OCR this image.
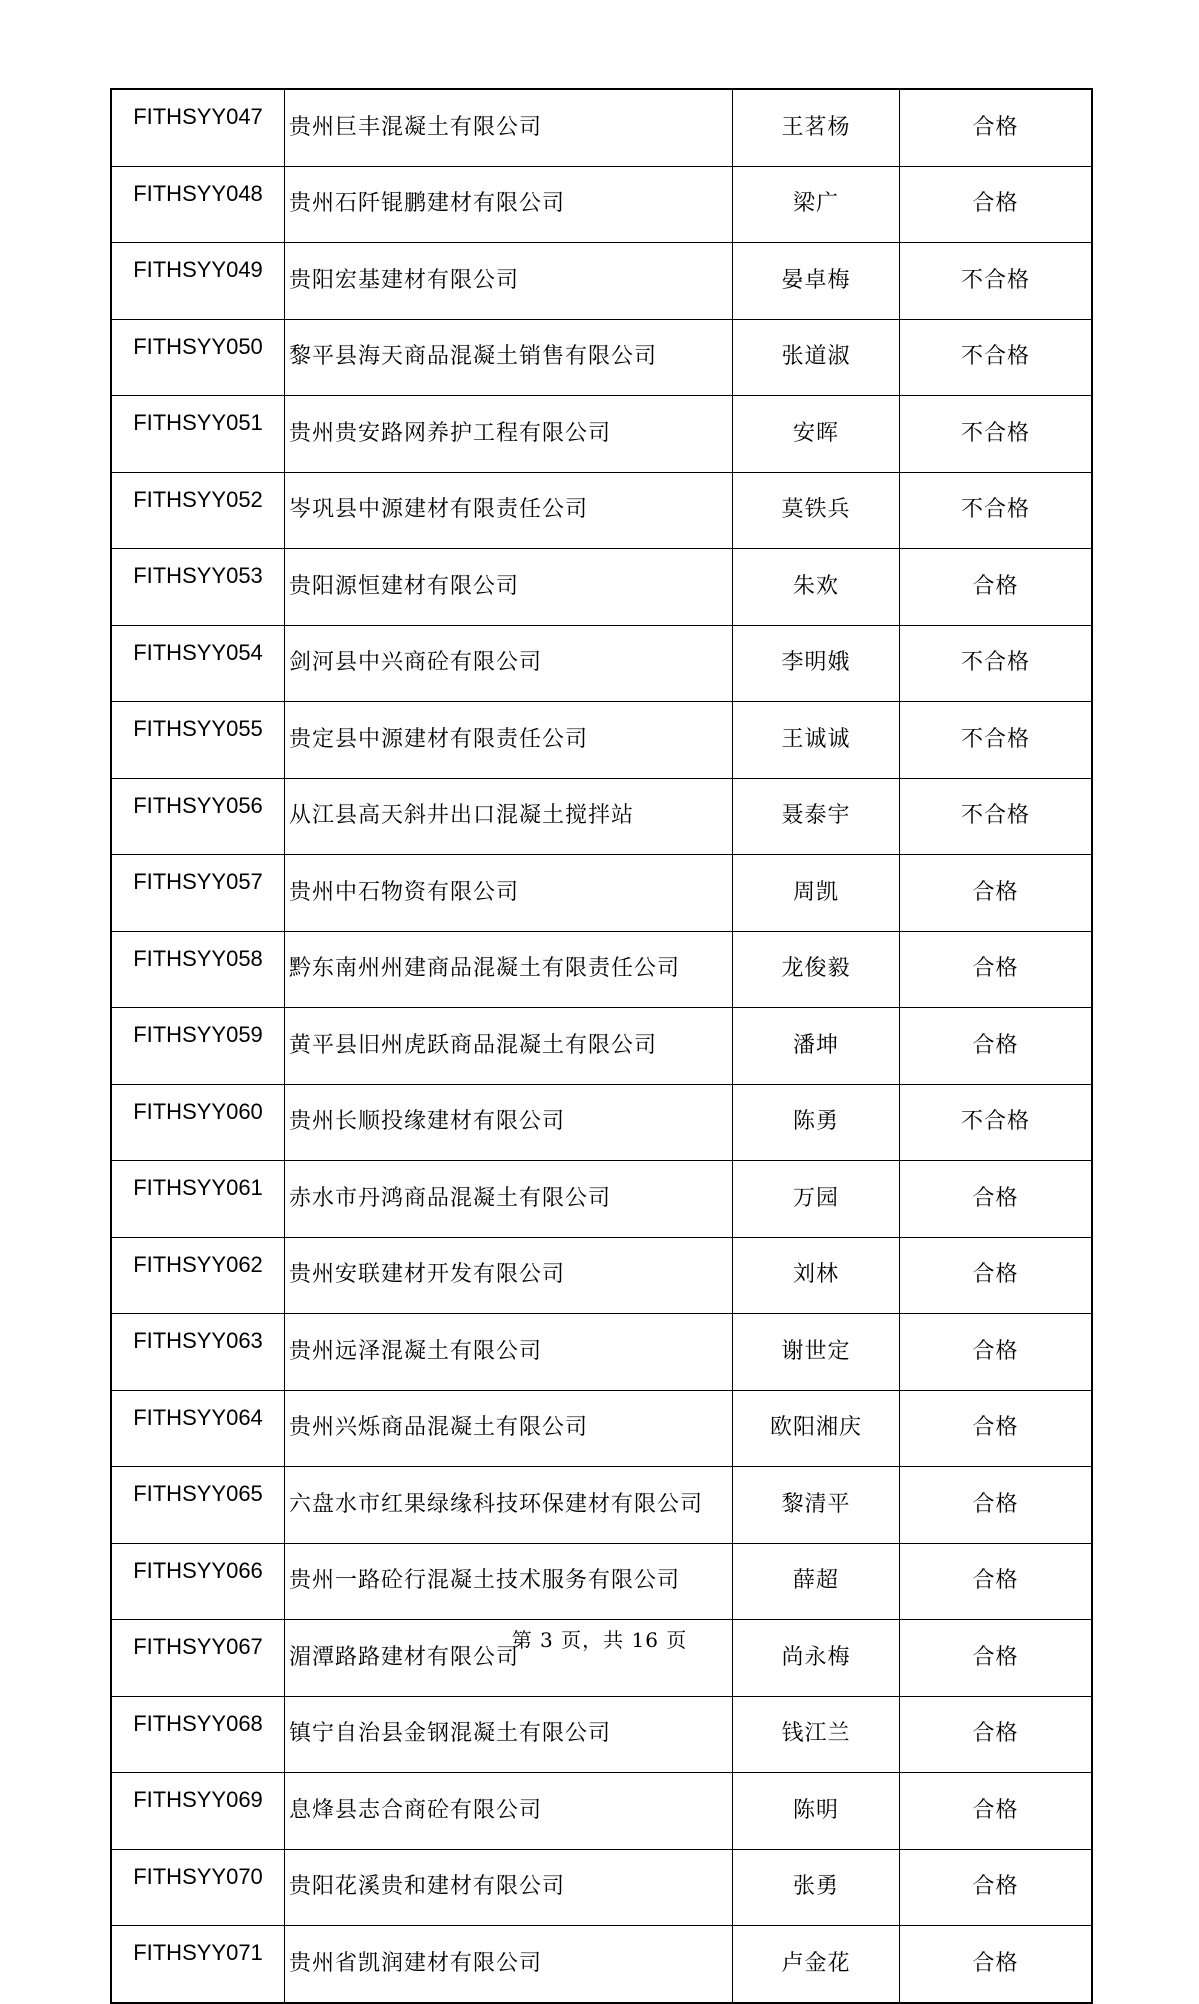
FITHSYY047	贵州巨丰混凝土有限公司	王茗杨	合格
FITHSYY048	贵州石阡锟鹏建材有限公司	梁广	合格
FITHSYY049	贵阳宏基建材有限公司	晏卓梅	不合格
FITHSYY050	黎平县海天商品混凝土销售有限公司	张道淑	不合格
FITHSYY051	贵州贵安路网养护工程有限公司	安晖	不合格
FITHSYY052	岑巩县中源建材有限责任公司	莫铁兵	不合格
FITHSYY053	贵阳源恒建材有限公司	朱欢	合格
FITHSYY054	剑河县中兴商砼有限公司	李明娥	不合格
FITHSYY055	贵定县中源建材有限责任公司	王诚诚	不合格
FITHSYY056	从江县高天斜井出口混凝土搅拌站	聂泰宇	不合格
FITHSYY057	贵州中石物资有限公司	周凯	合格
FITHSYY058	黔东南州州建商品混凝土有限责任公司	龙俊毅	合格
FITHSYY059	黄平县旧州虎跃商品混凝土有限公司	潘坤	合格
FITHSYY060	贵州长顺投缘建材有限公司	陈勇	不合格
FITHSYY061	赤水市丹鸿商品混凝土有限公司	万园	合格
FITHSYY062	贵州安联建材开发有限公司	刘林	合格
FITHSYY063	贵州远泽混凝土有限公司	谢世定	合格
FITHSYY064	贵州兴烁商品混凝土有限公司	欧阳湘庆	合格
FITHSYY065	六盘水市红果绿缘科技环保建材有限公司	黎清平	合格
FITHSYY066	贵州一路砼行混凝土技术服务有限公司	薛超	合格
FITHSYY067	湄潭路路建材有限公司	尚永梅	合格
FITHSYY068	镇宁自治县金钢混凝土有限公司	钱江兰	合格
FITHSYY069	息烽县志合商砼有限公司	陈明	合格
FITHSYY070	贵阳花溪贵和建材有限公司	张勇	合格
FITHSYY071	贵州省凯润建材有限公司	卢金花	合格
第 3 页，共 16 页
